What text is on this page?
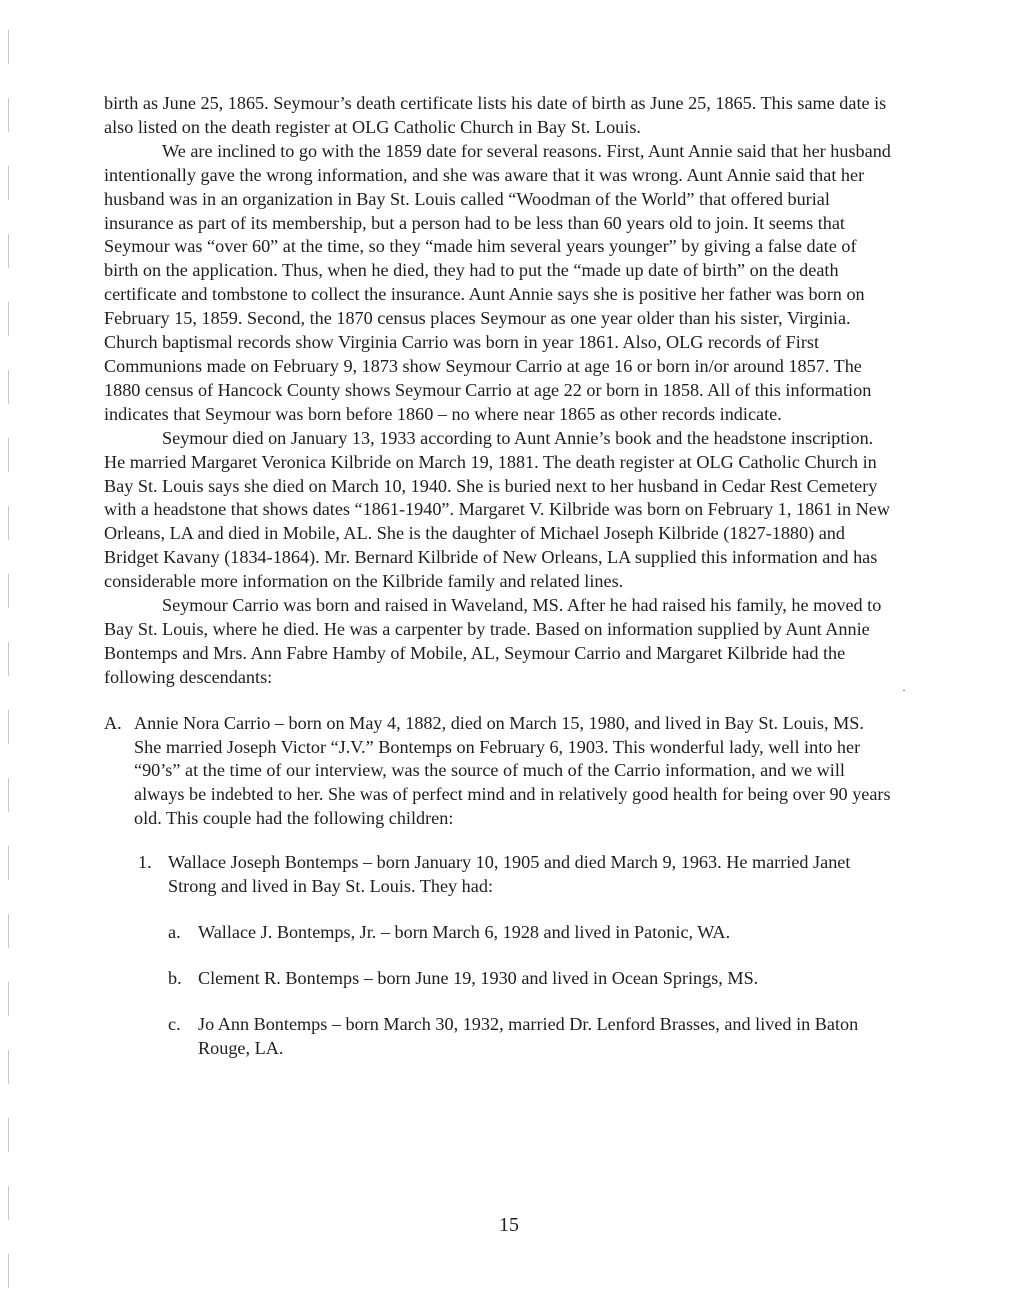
birth as June 25, 1865. Seymour’s death certificate lists his date of birth as June 25, 1865. This same date is also listed on the death register at OLG Catholic Church in Bay St. Louis.

We are inclined to go with the 1859 date for several reasons. First, Aunt Annie said that her husband intentionally gave the wrong information, and she was aware that it was wrong. Aunt Annie said that her husband was in an organization in Bay St. Louis called “Woodman of the World” that offered burial insurance as part of its membership, but a person had to be less than 60 years old to join. It seems that Seymour was “over 60” at the time, so they “made him several years younger” by giving a false date of birth on the application. Thus, when he died, they had to put the “made up date of birth” on the death certificate and tombstone to collect the insurance. Aunt Annie says she is positive her father was born on February 15, 1859. Second, the 1870 census places Seymour as one year older than his sister, Virginia. Church baptismal records show Virginia Carrio was born in year 1861. Also, OLG records of First Communions made on February 9, 1873 show Seymour Carrio at age 16 or born in/or around 1857. The 1880 census of Hancock County shows Seymour Carrio at age 22 or born in 1858. All of this information indicates that Seymour was born before 1860 – no where near 1865 as other records indicate.

Seymour died on January 13, 1933 according to Aunt Annie’s book and the headstone inscription. He married Margaret Veronica Kilbride on March 19, 1881. The death register at OLG Catholic Church in Bay St. Louis says she died on March 10, 1940. She is buried next to her husband in Cedar Rest Cemetery with a headstone that shows dates “1861-1940”. Margaret V. Kilbride was born on February 1, 1861 in New Orleans, LA and died in Mobile, AL. She is the daughter of Michael Joseph Kilbride (1827-1880) and Bridget Kavany (1834-1864). Mr. Bernard Kilbride of New Orleans, LA supplied this information and has considerable more information on the Kilbride family and related lines.

Seymour Carrio was born and raised in Waveland, MS. After he had raised his family, he moved to Bay St. Louis, where he died. He was a carpenter by trade. Based on information supplied by Aunt Annie Bontemps and Mrs. Ann Fabre Hamby of Mobile, AL, Seymour Carrio and Margaret Kilbride had the following descendants:

A. Annie Nora Carrio – born on May 4, 1882, died on March 15, 1980, and lived in Bay St. Louis, MS. She married Joseph Victor “J.V.” Bontemps on February 6, 1903. This wonderful lady, well into her “90’s” at the time of our interview, was the source of much of the Carrio information, and we will always be indebted to her. She was of perfect mind and in relatively good health for being over 90 years old. This couple had the following children:
1. Wallace Joseph Bontemps – born January 10, 1905 and died March 9, 1963. He married Janet Strong and lived in Bay St. Louis. They had:
a. Wallace J. Bontemps, Jr. – born March 6, 1928 and lived in Patonic, WA.
b. Clement R. Bontemps – born June 19, 1930 and lived in Ocean Springs, MS.
c. Jo Ann Bontemps – born March 30, 1932, married Dr. Lenford Brasses, and lived in Baton Rouge, LA.
·
15
